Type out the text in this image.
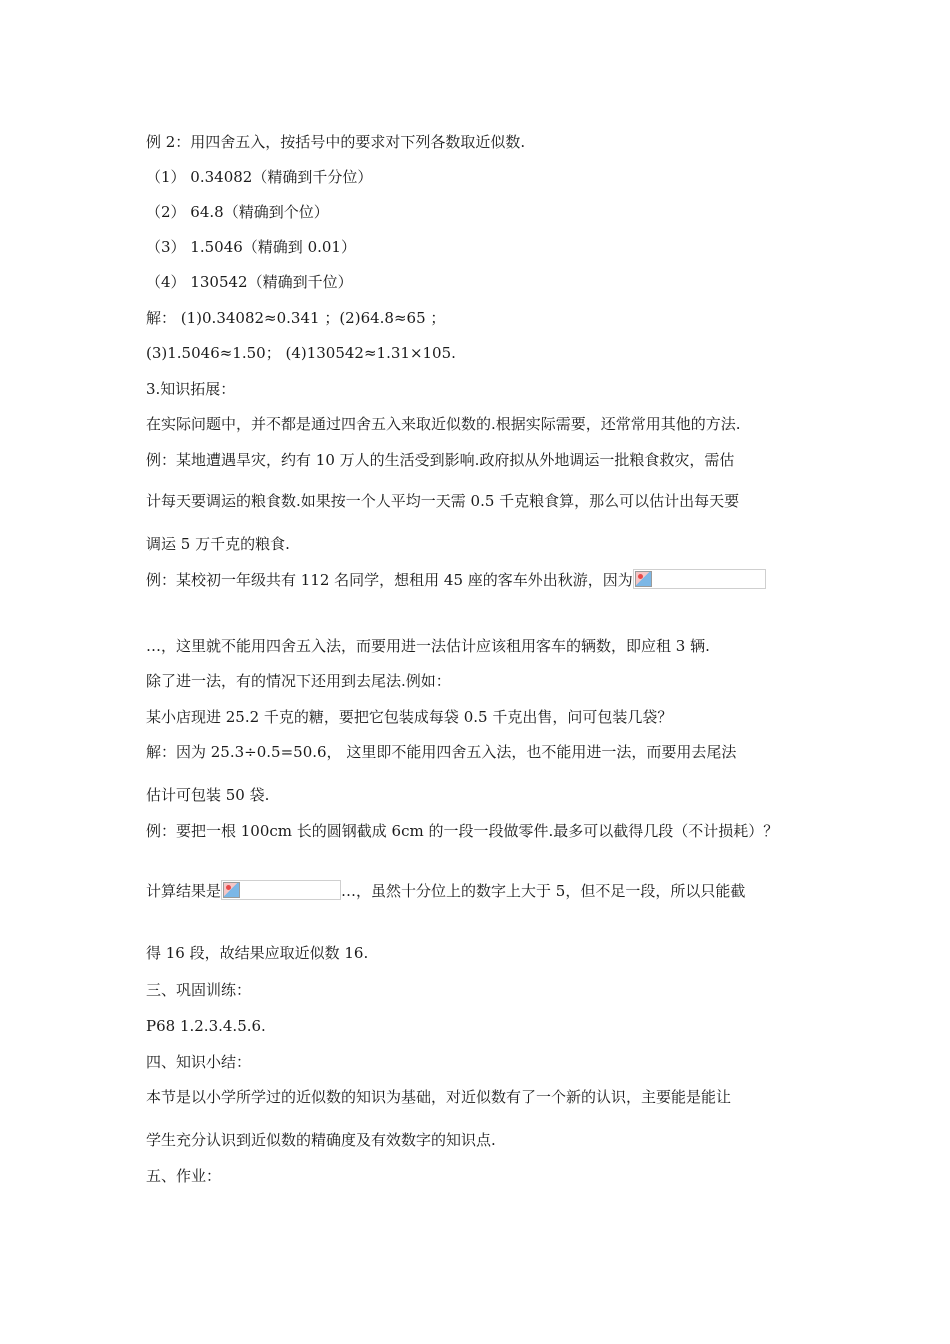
例 2：用四舍五入，按括号中的要求对下列各数取近似数.
（1） 0.34082（精确到千分位）
（2） 64.8（精确到个位）
（3） 1.5046（精确到 0.01）
（4） 130542（精确到千位）
解： (1)0.34082≈0.341 ；(2)64.8≈65 ；
(3)1.5046≈1.50； (4)130542≈1.31×105.
3.知识拓展：
在实际问题中，并不都是通过四舍五入来取近似数的.根据实际需要，还常常用其他的方法.
例：某地遭遇旱灾，约有 10 万人的生活受到影响.政府拟从外地调运一批粮食救灾，需估
计每天要调运的粮食数.如果按一个人平均一天需 0.5 千克粮食算，那么可以估计出每天要
调运 5 万千克的粮食.
例：某校初一年级共有 112 名同学，想租用 45 座的客车外出秋游，因为
…，这里就不能用四舍五入法，而要用进一法估计应该租用客车的辆数，即应租 3 辆.
除了进一法，有的情况下还用到去尾法.例如：
某小店现进 25.2 千克的糖，要把它包装成每袋 0.5 千克出售，问可包装几袋？
解：因为 25.3÷0.5=50.6， 这里即不能用四舍五入法，也不能用进一法，而要用去尾法
估计可包装 50 袋.
例：要把一根 100cm 长的圆钢截成 6cm 的一段一段做零件.最多可以截得几段（不计损耗）？
计算结果是	…，虽然十分位上的数字上大于 5，但不足一段，所以只能截
得 16 段，故结果应取近似数 16.
三、巩固训练：
P68 1.2.3.4.5.6.
四、知识小结：
本节是以小学所学过的近似数的知识为基础，对近似数有了一个新的认识，主要能是能让
学生充分认识到近似数的精确度及有效数字的知识点.
五、作业：
